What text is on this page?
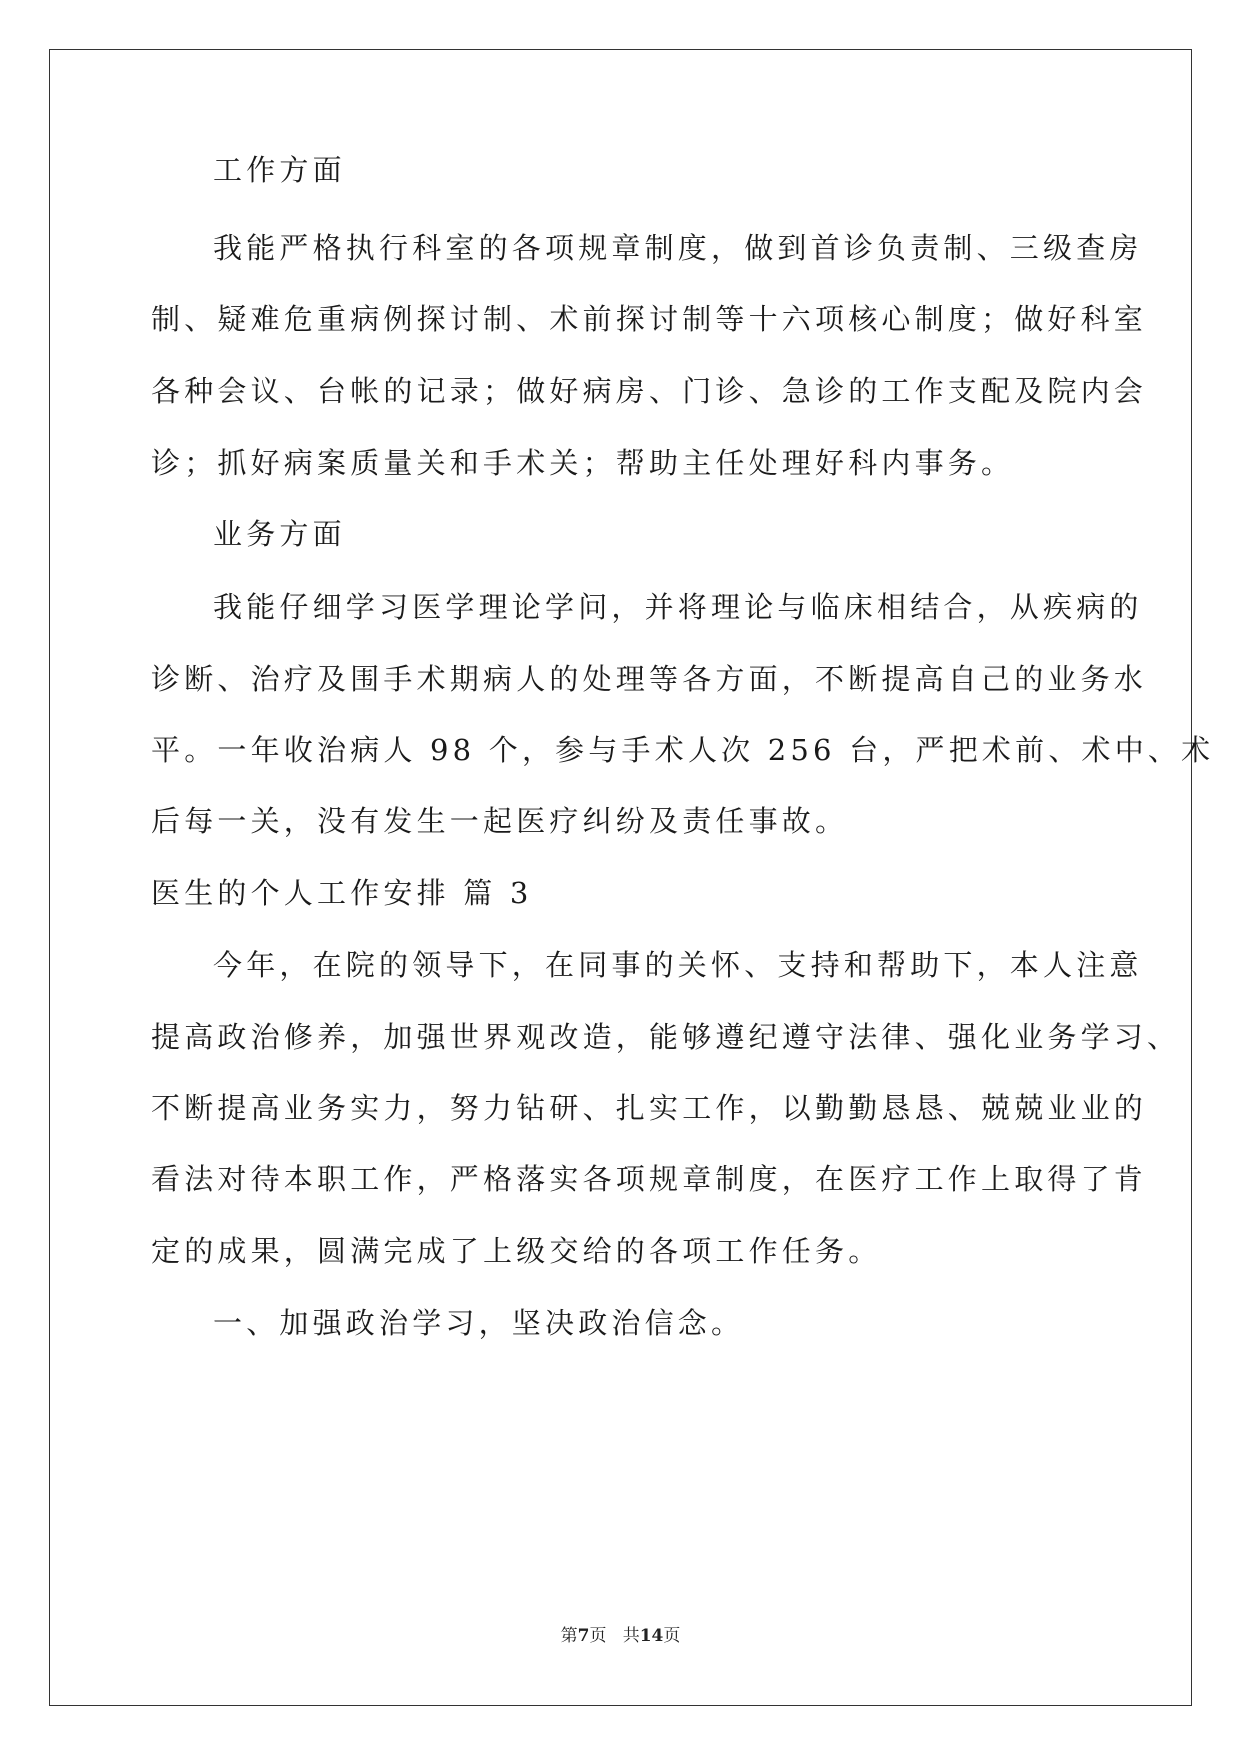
工作方面
我能严格执行科室的各项规章制度，做到首诊负责制、三级查房
制、疑难危重病例探讨制、术前探讨制等十六项核心制度；做好科室
各种会议、台帐的记录；做好病房、门诊、急诊的工作支配及院内会
诊；抓好病案质量关和手术关；帮助主任处理好科内事务。
业务方面
我能仔细学习医学理论学问，并将理论与临床相结合，从疾病的
诊断、治疗及围手术期病人的处理等各方面，不断提高自己的业务水
平。一年收治病人 98 个，参与手术人次 256 台，严把术前、术中、术
后每一关，没有发生一起医疗纠纷及责任事故。
医生的个人工作安排 篇 3
今年，在院的领导下，在同事的关怀、支持和帮助下，本人注意
提高政治修养，加强世界观改造，能够遵纪遵守法律、强化业务学习、
不断提高业务实力，努力钻研、扎实工作，以勤勤恳恳、兢兢业业的
看法对待本职工作，严格落实各项规章制度，在医疗工作上取得了肯
定的成果，圆满完成了上级交给的各项工作任务。
一、加强政治学习，坚决政治信念。
第7页 共14页
